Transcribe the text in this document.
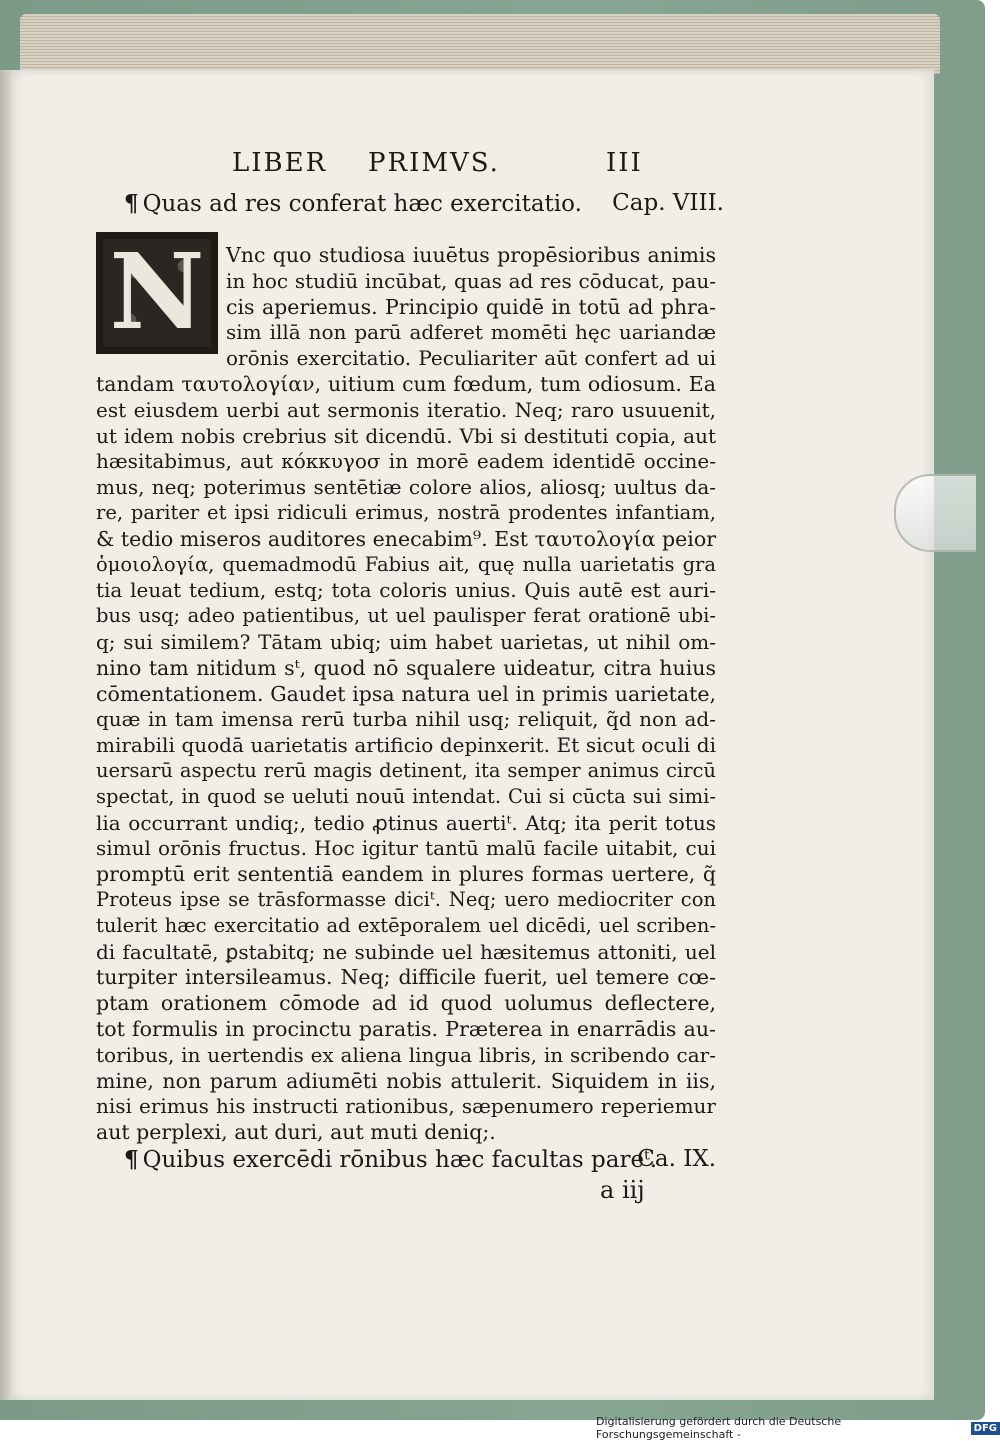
LIBER PRIMVS.	III
¶ Quas ad res conferat hæc exercitatio. Cap. VIII.
N	Vnc quo studiosa iuuētus propēsioribus animis
in hoc studiū incūbat, quas ad res cōducat, pau-
cis aperiemus. Principio quidē in totū ad phra-
sim illā non parū adferet momēti hęc uariandæ
orōnis exercitatio. Peculiariter aūt confert ad ui
tandam ταυτολογίαν, uitium cum fœdum, tum odiosum. Ea
est eiusdem uerbi aut sermonis iteratio. Neq; raro usuuenit,
ut idem nobis crebrius sit dicendū. Vbi si destituti copia, aut
hæsitabimus, aut κόκκυγοσ in morē eadem identidē occine-
mus, neq; poterimus sentētiæ colore alios, aliosq; uultus da-
re, pariter et ipsi ridiculi erimus, nostrā prodentes infantiam,
& tedio miseros auditores enecabim⁹. Est ταυτολογία peior
ὁμοιολογία, quemadmodū Fabius ait, quę nulla uarietatis gra
tia leuat tedium, estq; tota coloris unius. Quis autē est auri-
bus usq; adeo patientibus, ut uel paulisper ferat orationē ubi-
q; sui similem? Tātam ubiq; uim habet uarietas, ut nihil om-
nino tam nitidum sᵗ, quod nō squalere uideatur, citra huius
cōmentationem. Gaudet ipsa natura uel in primis uarietate,
quæ in tam imensa rerū turba nihil usq; reliquit, q̃d non ad-
mirabili quodā uarietatis artificio depinxerit. Et sicut oculi di
uersarū aspectu rerū magis detinent, ita semper animus circū
spectat, in quod se ueluti nouū intendat. Cui si cūcta sui simi-
lia occurrant undiq;, tedio ꝓtinus auertiᵗ. Atq; ita perit totus
simul orōnis fructus. Hoc igitur tantū malū facile uitabit, cui
promptū erit sententiā eandem in plures formas uertere, q̃
Proteus ipse se trāsformasse diciᵗ. Neq; uero mediocriter con
tulerit hæc exercitatio ad extēporalem uel dicēdi, uel scriben-
di facultatē, ꝑstabitq; ne subinde uel hæsitemus attoniti, uel
turpiter intersileamus. Neq; difficile fuerit, uel temere cœ-
ptam orationem cōmode ad id quod uolumus deflectere,
tot formulis in procinctu paratis. Præterea in enarrādis au-
toribus, in uertendis ex aliena lingua libris, in scribendo car-
mine, non parum adiumēti nobis attulerit. Siquidem in iis,
nisi erimus his instructi rationibus, sæpenumero reperiemur
aut perplexi, aut duri, aut muti deniq;.
¶ Quibus exercēdi rōnibus hæc facultas pareᵗ.
Ca. IX.
a iij
Digitalisierung gefördert durch die Deutsche Forschungsgemeinschaft -	DFG
